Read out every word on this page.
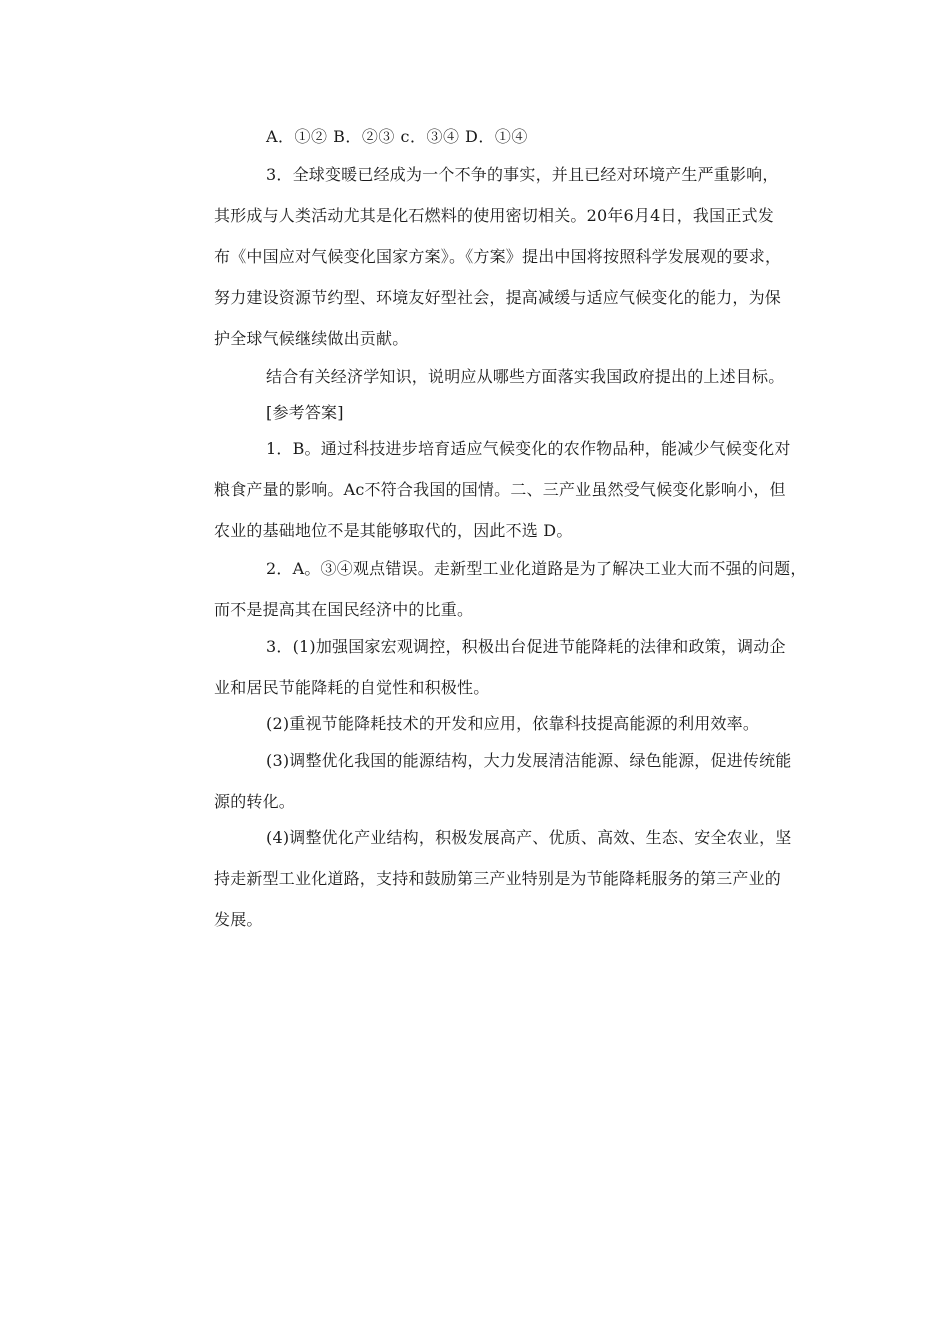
A．①② B．②③ c．③④ D．①④
3．全球变暖已经成为一个不争的事实，并且已经对环境产生严重影响，
其形成与人类活动尤其是化石燃料的使用密切相关。20年6月4日，我国正式发
布《中国应对气候变化国家方案》。《方案》提出中国将按照科学发展观的要求，
努力建设资源节约型、环境友好型社会，提高减缓与适应气候变化的能力，为保
护全球气候继续做出贡献。
结合有关经济学知识，说明应从哪些方面落实我国政府提出的上述目标。
[参考答案]
1．B。通过科技进步培育适应气候变化的农作物品种，能减少气候变化对
粮食产量的影响。Ac不符合我国的国情。二、三产业虽然受气候变化影响小，但
农业的基础地位不是其能够取代的，因此不选 D。
2．A。③④观点错误。走新型工业化道路是为了解决工业大而不强的问题，
而不是提高其在国民经济中的比重。
3．(1)加强国家宏观调控，积极出台促进节能降耗的法律和政策，调动企
业和居民节能降耗的自觉性和积极性。
(2)重视节能降耗技术的开发和应用，依靠科技提高能源的利用效率。
(3)调整优化我国的能源结构，大力发展清洁能源、绿色能源，促进传统能
源的转化。
(4)调整优化产业结构，积极发展高产、优质、高效、生态、安全农业，坚
持走新型工业化道路，支持和鼓励第三产业特别是为节能降耗服务的第三产业的
发展。
